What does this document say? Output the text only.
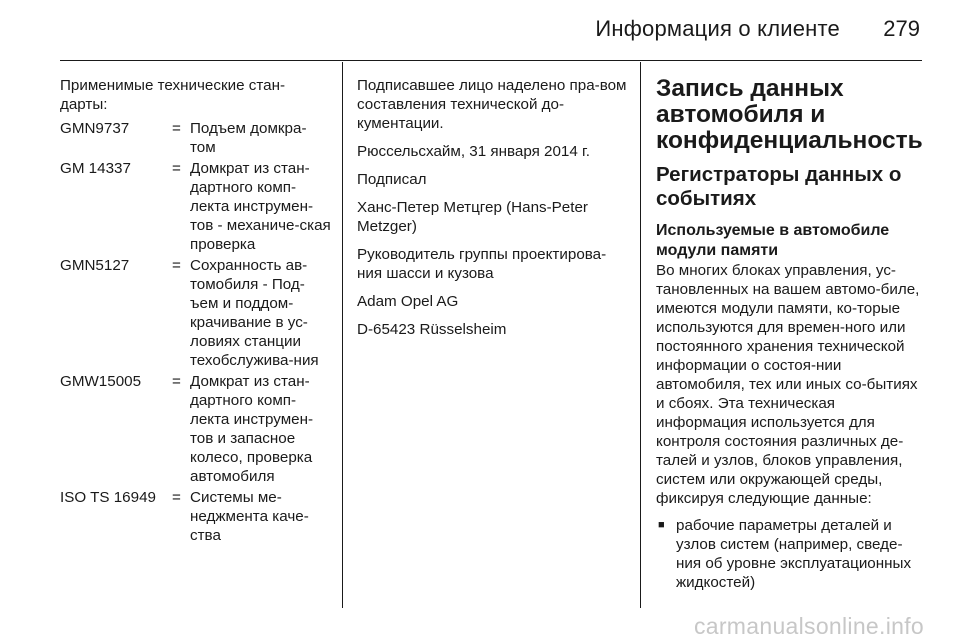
Информация о клиенте 279

Применимые технические стан-дарты:

GMN9737	= Подъем домкра-том
GM 14337	= Домкрат из стан-дартного комп-лекта инструмен-тов - механиче-ская проверка
GMN5127	= Сохранность ав-томобиля - Под-ъем и поддом-крачивание в ус-ловиях станции техобслужива-ния
GMW15005	= Домкрат из стан-дартного комп-лекта инструмен-тов и запасное колесо, проверка автомобиля
ISO TS 16949	= Системы ме-неджмента каче-ства

Подписавшее лицо наделено пра-вом составления технической до-кументации.

Рюссельсхайм, 31 января 2014 г.

Подписал

Ханс-Петер Метцгер (Hans-Peter Metzger)

Руководитель группы проектирова-ния шасси и кузова

Adam Opel AG

D-65423 Rüsselsheim

Запись данных автомобиля и конфиденциальность
Регистраторы данных о событиях
Используемые в автомобиле модули памяти

Во многих блоках управления, ус-тановленных на вашем автомо-биле, имеются модули памяти, ко-торые используются для времен-ного или постоянного хранения технической информации о состоя-нии автомобиля, тех или иных со-бытиях и сбоях. Эта техническая информация используется для контроля состояния различных де-талей и узлов, блоков управления, систем или окружающей среды, фиксируя следующие данные:

■ рабочие параметры деталей и узлов систем (например, сведе-ния об уровне эксплуатационных жидкостей)
carmanualsonline.info
